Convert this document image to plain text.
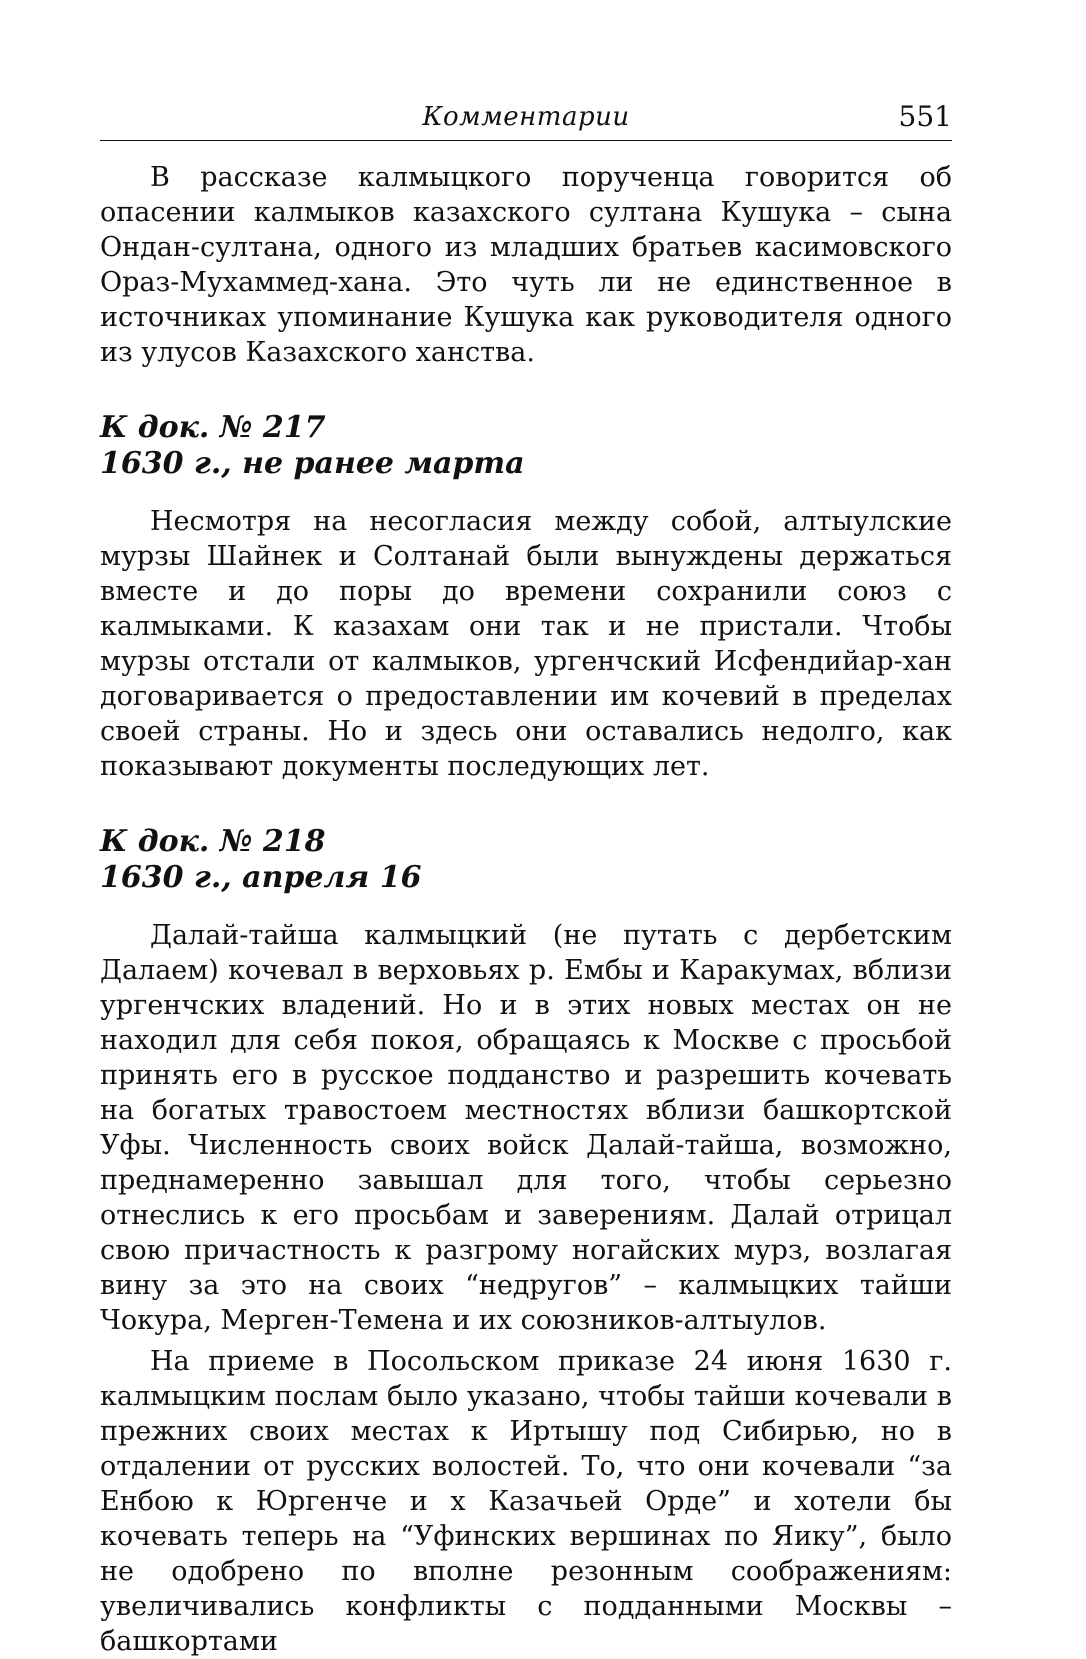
Комментарии	551

В рассказе калмыцкого порученца говорится об опасении калмыков казахского султана Кушука – сына Ондан-султана, одного из младших братьев касимовского Ораз-Мухаммед-хана. Это чуть ли не единственное в источниках упоминание Кушука как руководителя одного из улусов Казахского ханства.

К док. № 217
1630 г., не ранее марта

Несмотря на несогласия между собой, алтыулские мурзы Шайнек и Солтанай были вынуждены держаться вместе и до поры до времени сохранили союз с калмыками. К казахам они так и не пристали. Чтобы мурзы отстали от калмыков, ургенчский Исфендийар-хан договаривается о предоставлении им кочевий в пределах своей страны. Но и здесь они оставались недолго, как показывают документы последующих лет.

К док. № 218
1630 г., апреля 16

Далай-тайша калмыцкий (не путать с дербетским Далаем) кочевал в верховьях р. Ембы и Каракумах, вблизи ургенчских владений. Но и в этих новых местах он не находил для себя покоя, обращаясь к Москве с просьбой принять его в русское подданство и разрешить кочевать на богатых травостоем местностях вблизи башкортской Уфы. Численность своих войск Далай-тайша, возможно, преднамеренно завышал для того, чтобы серьезно отнеслись к его просьбам и заверениям. Далай отрицал свою причастность к разгрому ногайских мурз, возлагая вину за это на своих “недругов” – калмыцких тайши Чокура, Мерген-Темена и их союзников-алтыулов.

На приеме в Посольском приказе 24 июня 1630 г. калмыцким послам было указано, чтобы тайши кочевали в прежних своих местах к Иртышу под Сибирью, но в отдалении от русских волостей. То, что они кочевали “за Енбою к Юргенче и х Казачьей Орде” и хотели бы кочевать теперь на “Уфинских вершинах по Яику”, было не одобрено по вполне резонным соображениям: увеличивались конфликты с подданными Москвы – башкортами
